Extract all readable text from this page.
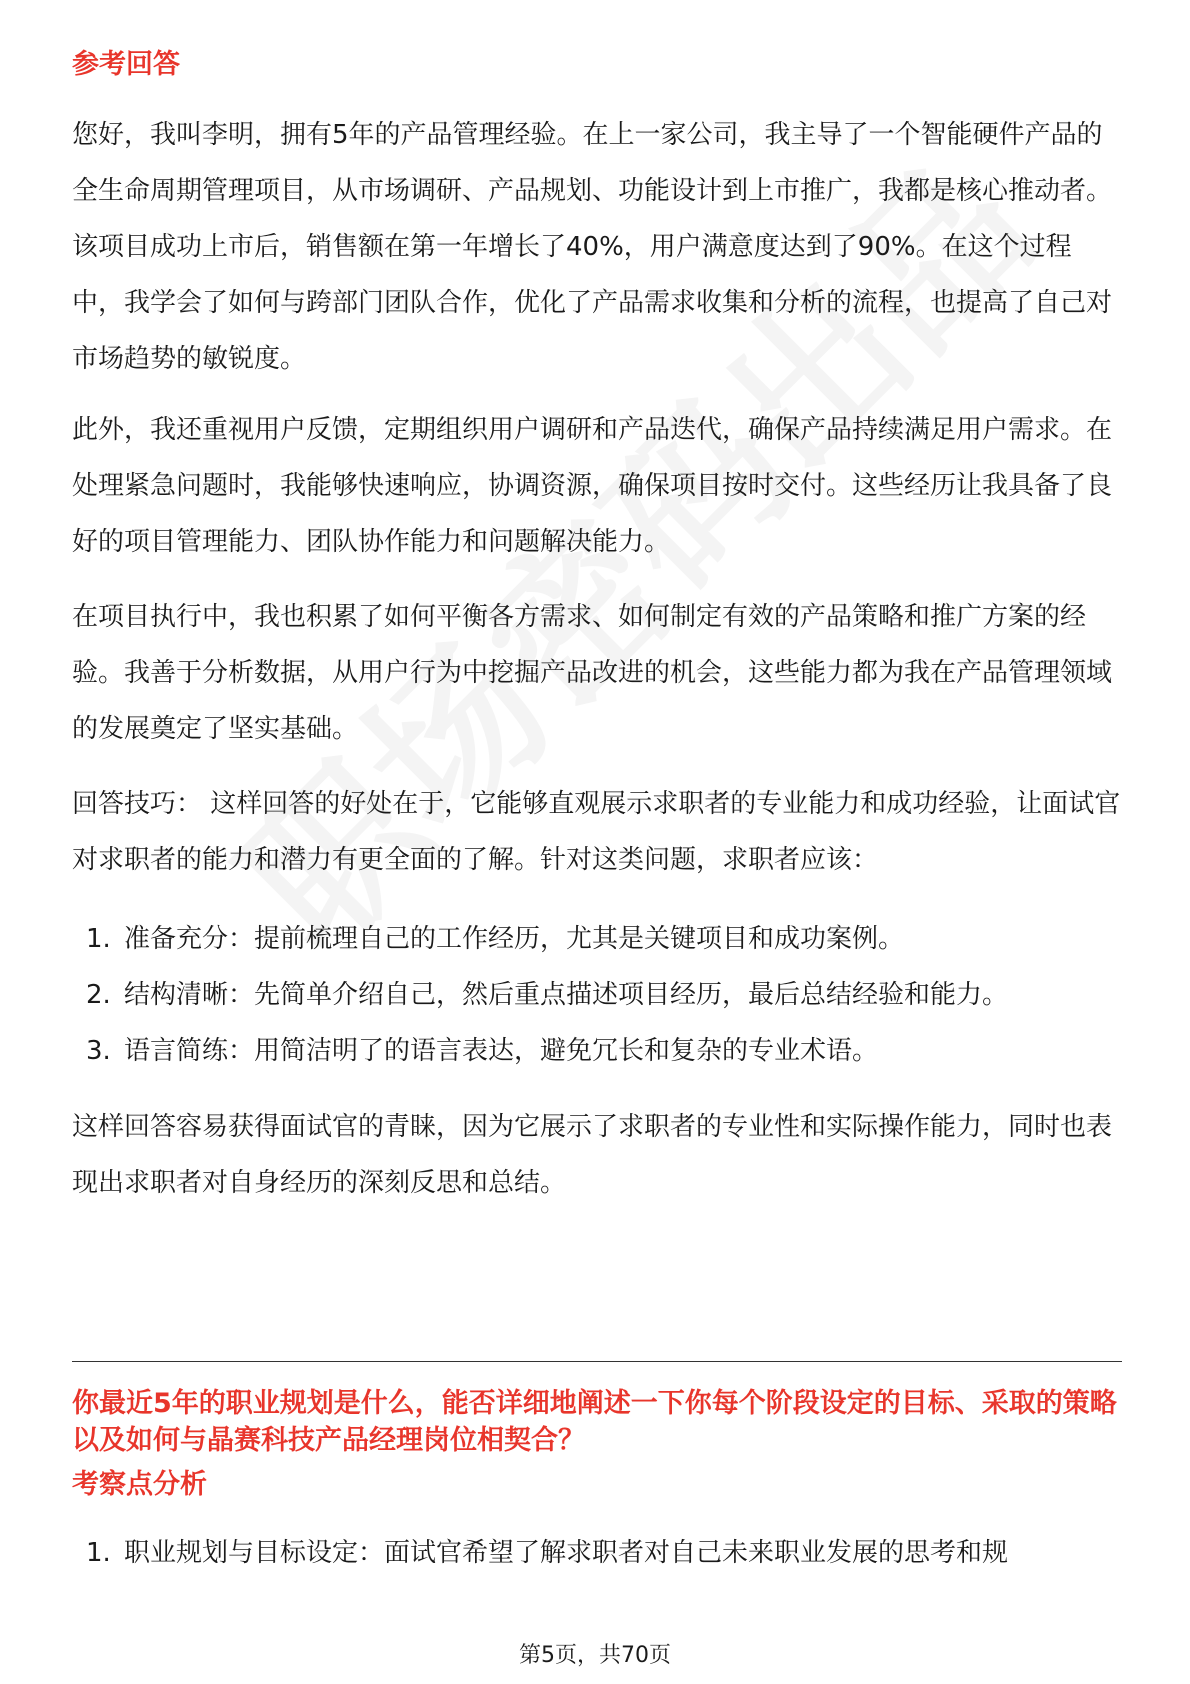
参考回答

您好，我叫李明，拥有5年的产品管理经验。在上一家公司，我主导了一个智能硬件产品的全生命周期管理项目，从市场调研、产品规划、功能设计到上市推广，我都是核心推动者。该项目成功上市后，销售额在第一年增长了40%，用户满意度达到了90%。在这个过程中，我学会了如何与跨部门团队合作，优化了产品需求收集和分析的流程，也提高了自己对市场趋势的敏锐度。

此外，我还重视用户反馈，定期组织用户调研和产品迭代，确保产品持续满足用户需求。在处理紧急问题时，我能够快速响应，协调资源，确保项目按时交付。这些经历让我具备了良好的项目管理能力、团队协作能力和问题解决能力。

在项目执行中，我也积累了如何平衡各方需求、如何制定有效的产品策略和推广方案的经验。我善于分析数据，从用户行为中挖掘产品改进的机会，这些能力都为我在产品管理领域的发展奠定了坚实基础。

回答技巧： 这样回答的好处在于，它能够直观展示求职者的专业能力和成功经验，让面试官对求职者的能力和潜力有更全面的了解。针对这类问题，求职者应该：

1. 准备充分：提前梳理自己的工作经历，尤其是关键项目和成功案例。
2. 结构清晰：先简单介绍自己，然后重点描述项目经历，最后总结经验和能力。
3. 语言简练：用简洁明了的语言表达，避免冗长和复杂的专业术语。

这样回答容易获得面试官的青睐，因为它展示了求职者的专业性和实际操作能力，同时也表现出求职者对自身经历的深刻反思和总结。

你最近5年的职业规划是什么，能否详细地阐述一下你每个阶段设定的目标、采取的策略以及如何与晶赛科技产品经理岗位相契合？
考察点分析
1. 职业规划与目标设定：面试官希望了解求职者对自己未来职业发展的思考和规
第5页，共70页
